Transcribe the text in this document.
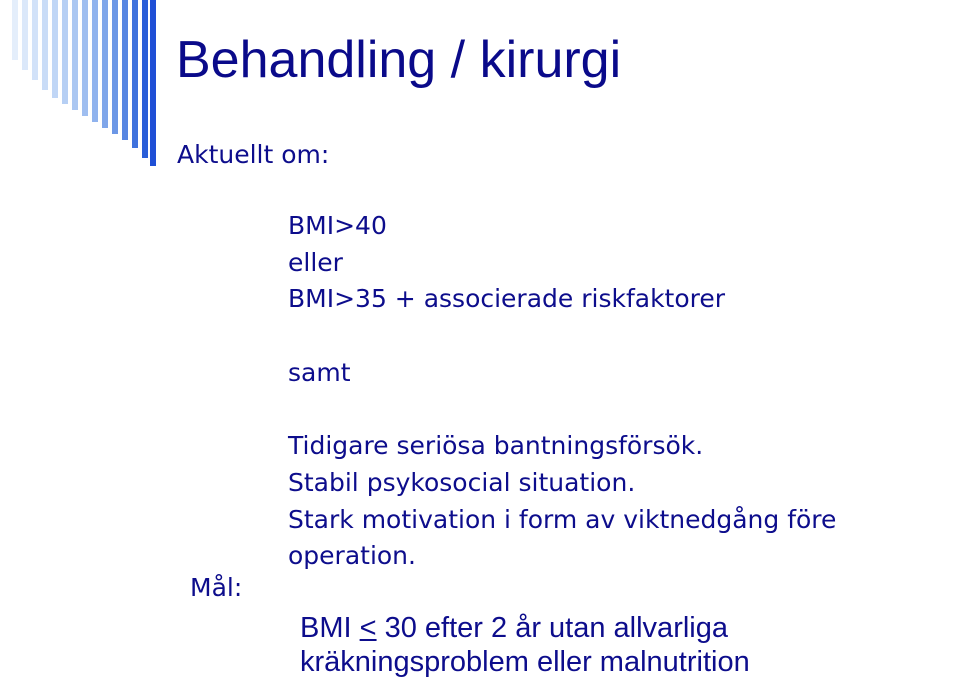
Behandling / kirurgi
Aktuellt om:
BMI>40
eller
BMI>35 + associerade riskfaktorer
samt
Tidigare seriösa bantningsförsök.
Stabil psykosocial situation.
Stark motivation i form av viktnedgång före
operation.
Mål:
BMI ≤ 30 efter 2 år utan allvarliga
kräkningsproblem eller malnutrition
